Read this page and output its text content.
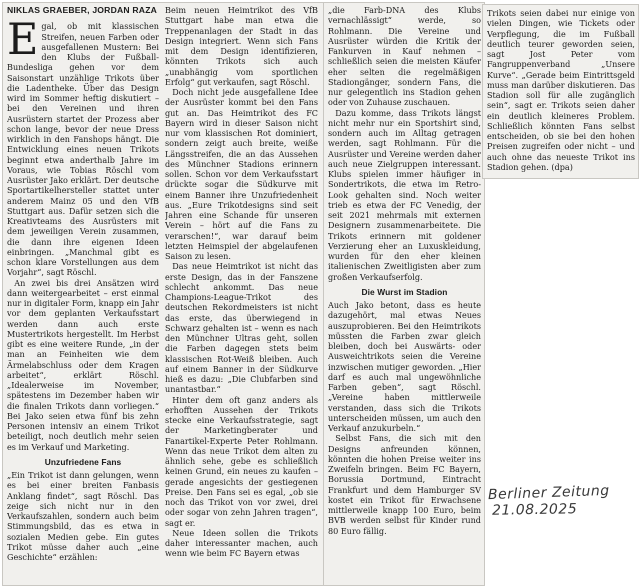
NIKLAS GRAEBER, JORDAN RAZA

Egal, ob mit klassischen Streifen, neuen Farben oder ausgefallenen Mustern: Bei den Klubs der Fußball-Bundesliga gehen vor dem Saisonstart unzählige Trikots über die Ladentheke. Über das Design wird im Sommer heftig diskutiert – bei den Vereinen und ihren Ausrüstern startet der Prozess aber schon lange, bevor der neue Dress wirklich in den Fanshops hängt. Die Entwicklung eines neuen Trikots beginnt etwa anderthalb Jahre im Voraus, wie Tobias Röschl vom Ausrüster Jako erklärt. Der deutsche Sportartikelhersteller stattet unter anderem Mainz 05 und den VfB Stuttgart aus. Dafür setzen sich die Kreativteams des Ausrüsters mit dem jeweiligen Verein zusammen, die dann ihre eigenen Ideen einbringen. „Manchmal gibt es schon klare Vorstellungen aus dem Vorjahr“, sagt Röschl.

An zwei bis drei Ansätzen wird dann weitergearbeitet – erst einmal nur in digitaler Form, knapp ein Jahr vor dem geplanten Verkaufsstart werden dann auch erste Mustertrikots hergestellt. Im Herbst gibt es eine weitere Runde, „in der man an Feinheiten wie dem Ärmelabschluss oder dem Kragen arbeitet“, erklärt Röschl. „Idealerweise im November, spätestens im Dezember haben wir die finalen Trikots dann vorliegen.“ Bei Jako seien etwa fünf bis zehn Personen intensiv an einem Trikot beteiligt, noch deutlich mehr seien es im Verkauf und Marketing.

Unzufriedene Fans

„Ein Trikot ist dann gelungen, wenn es bei einer breiten Fanbasis Anklang findet“, sagt Röschl. Das zeige sich nicht nur in den Verkaufszahlen, sondern auch beim Stimmungsbild, das es etwa in sozialen Medien gebe. Ein gutes Trikot müsse daher auch „eine Geschichte“ erzählen:

Beim neuen Heimtrikot des VfB Stuttgart habe man etwa die Treppenanlagen der Stadt in das Design integriert. Wenn sich Fans mit dem Design identifizieren, könnten Trikots sich auch „unabhängig vom sportlichen Erfolg“ gut verkaufen, sagt Röschl.

Doch nicht jede ausgefallene Idee der Ausrüster kommt bei den Fans gut an. Das Heimtrikot des FC Bayern wird in dieser Saison nicht nur vom klassischen Rot dominiert, sondern zeigt auch breite, weiße Längsstreifen, die an das Aussehen des Münchner Stadions erinnern sollen. Schon vor dem Verkaufsstart drückte sogar die Südkurve mit einem Banner ihre Unzufriedenheit aus. „Eure Trikotdesigns sind seit Jahren eine Schande für unseren Verein – hört auf die Fans zu verarschen!“, war darauf beim letzten Heimspiel der abgelaufenen Saison zu lesen.

Das neue Heimtrikot ist nicht das erste Design, das in der Fanszene schlecht ankommt. Das neue Champions-League-Trikot des deutschen Rekordmeisters ist nicht das erste, das überwiegend in Schwarz gehalten ist – wenn es nach den Münchner Ultras geht, sollen die Farben dagegen stets beim klassischen Rot-Weiß bleiben. Auch auf einem Banner in der Südkurve hieß es dazu: „Die Clubfarben sind unantastbar.“

Hinter dem oft ganz anders als erhofften Aussehen der Trikots stecke eine Verkaufsstrategie, sagt der Marketingberater und Fanartikel-Experte Peter Rohlmann. Wenn das neue Trikot dem alten zu ähnlich sehe, gebe es schließlich keinen Grund, ein neues zu kaufen – gerade angesichts der gestiegenen Preise. Den Fans sei es egal, „ob sie noch das Trikot von vor zwei, drei oder sogar von zehn Jahren tragen“, sagt er.

Neue Ideen sollen die Trikots daher interessanter machen, auch wenn wie beim FC Bayern etwas

„die Farb-DNA des Klubs vernachlässigt“ werde, so Rohlmann. Die Vereine und Ausrüster würden die Kritik der Fankurven in Kauf nehmen – schließlich seien die meisten Käufer eher selten die regelmäßigen Stadiongänger, sondern Fans, die nur gelegentlich ins Stadion gehen oder von Zuhause zuschauen.

Dazu komme, dass Trikots längst nicht mehr nur ein Sportshirt sind, sondern auch im Alltag getragen werden, sagt Rohlmann. Für die Ausrüster und Vereine werden daher auch neue Zielgruppen interessant. Klubs spielen immer häufiger in Sondertrikots, die etwa im Retro-Look gehalten sind. Noch weiter trieb es etwa der FC Venedig, der seit 2021 mehrmals mit externen Designern zusammenarbeitete. Die Trikots erinnern mit goldener Verzierung eher an Luxuskleidung, wurden für den eher kleinen italienischen Zweitligisten aber zum großen Verkaufserfolg.

Die Wurst im Stadion

Auch Jako betont, dass es heute dazugehört, mal etwas Neues auszuprobieren. Bei den Heimtrikots müssten die Farben zwar gleich bleiben, doch bei Auswärts- oder Ausweichtrikots seien die Vereine inzwischen mutiger geworden. „Hier darf es auch mal ungewöhnliche Farben geben“, sagt Röschl. „Vereine haben mittlerweile verstanden, dass sich die Trikots unterscheiden müssen, um auch den Verkauf anzukurbeln.“

Selbst Fans, die sich mit den Designs anfreunden können, könnten die hohen Preise weiter ins Zweifeln bringen. Beim FC Bayern, Borussia Dortmund, Eintracht Frankfurt und dem Hamburger SV kostet ein Trikot für Erwachsene mittlerweile knapp 100 Euro, beim BVB werden selbst für Kinder rund 80 Euro fällig.

Trikots seien dabei nur einige von vielen Dingen, wie Tickets oder Verpflegung, die im Fußball deutlich teurer geworden seien, sagt Jost Peter vom Fangruppenverband „Unsere Kurve“. „Gerade beim Eintrittsgeld muss man darüber diskutieren. Das Stadion soll für alle zugänglich sein“, sagt er. Trikots seien daher ein deutlich kleineres Problem. Schließlich könnten Fans selbst entscheiden, ob sie bei den hohen Preisen zugreifen oder nicht – und auch ohne das neueste Trikot ins Stadion gehen. (dpa)

Berliner Zeitung
21.08.2025
